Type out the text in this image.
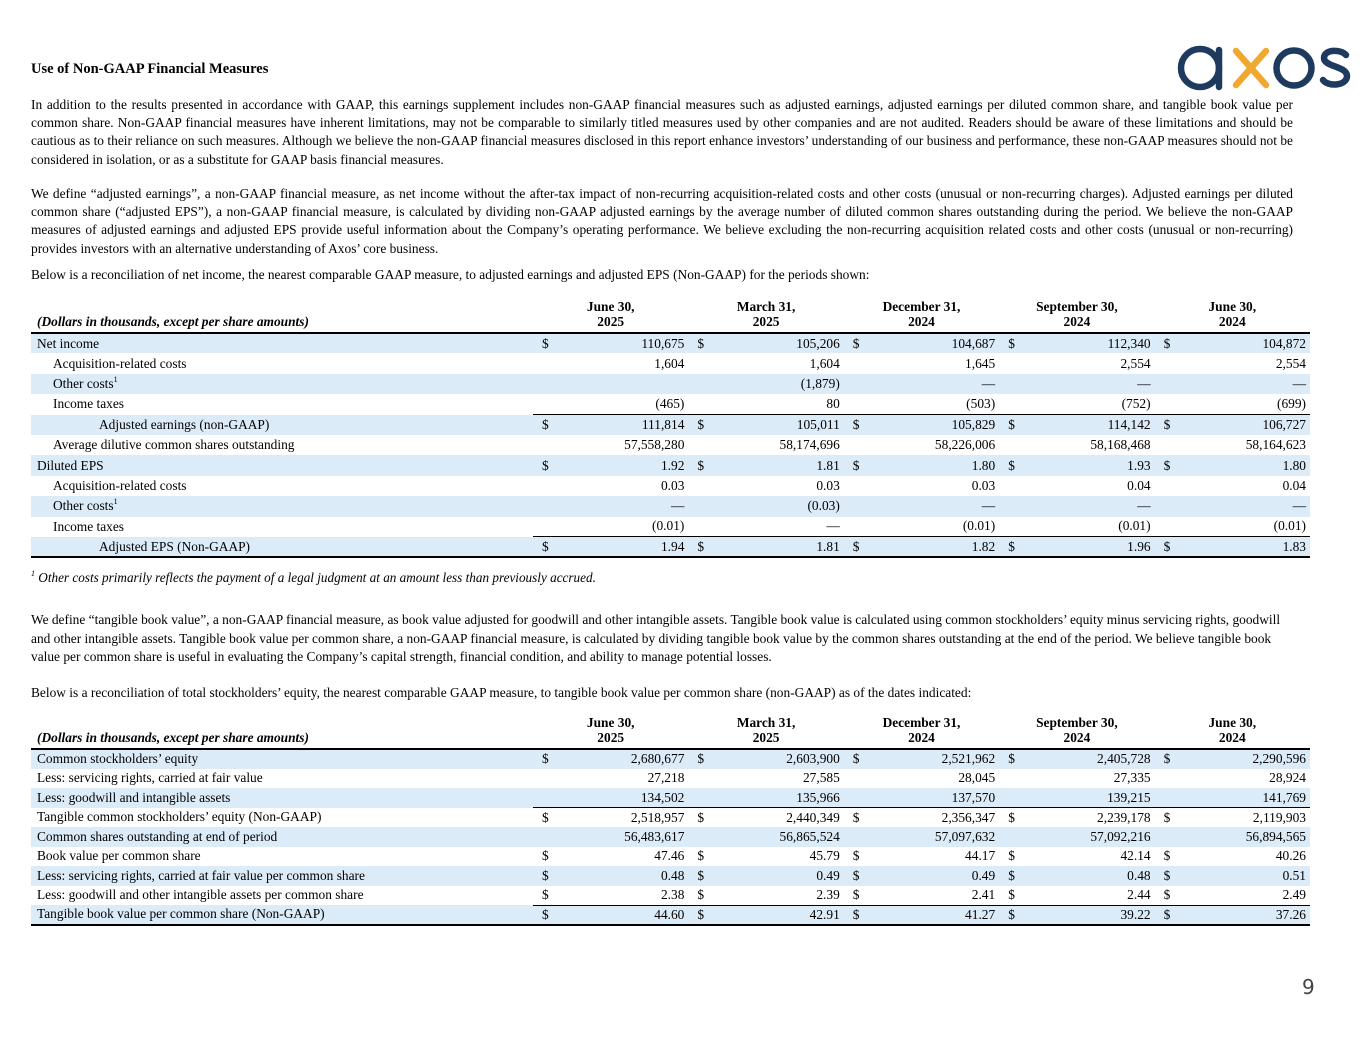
Use of Non-GAAP Financial Measures

In addition to the results presented in accordance with GAAP, this earnings supplement includes non-GAAP financial measures such as adjusted earnings, adjusted earnings per diluted common share, and tangible book value per common share. Non-GAAP financial measures have inherent limitations, may not be comparable to similarly titled measures used by other companies and are not audited. Readers should be aware of these limitations and should be cautious as to their reliance on such measures. Although we believe the non-GAAP financial measures disclosed in this report enhance investors’ understanding of our business and performance, these non-GAAP measures should not be considered in isolation, or as a substitute for GAAP basis financial measures.

We define “adjusted earnings”, a non-GAAP financial measure, as net income without the after-tax impact of non-recurring acquisition-related costs and other costs (unusual or non-recurring charges). Adjusted earnings per diluted common share (“adjusted EPS”), a non-GAAP financial measure, is calculated by dividing non-GAAP adjusted earnings by the average number of diluted common shares outstanding during the period. We believe the non-GAAP measures of adjusted earnings and adjusted EPS provide useful information about the Company’s operating performance. We believe excluding the non-recurring acquisition related costs and other costs (unusual or non-recurring) provides investors with an alternative understanding of Axos’ core business.

Below is a reconciliation of net income, the nearest comparable GAAP measure, to adjusted earnings and adjusted EPS (Non-GAAP) for the periods shown:

(Dollars in thousands, except per share amounts)	June 30,
2025		March 31,
2025		December 31,
2024		September 30,
2024		June 30,
2024	
Net income	$	110,675	$	105,206	$	104,687	$	112,340	$	104,872
Acquisition-related costs		1,604		1,604		1,645		2,554		2,554
Other costs$^1$				(1,879)		—		—		—
Income taxes		(465)		80		(503)		(752)		(699)
Adjusted earnings (non-GAAP)	$	111,814	$	105,011	$	105,829	$	114,142	$	106,727
Average dilutive common shares outstanding		57,558,280		58,174,696		58,226,006		58,168,468		58,164,623
Diluted EPS	$	1.92	$	1.81	$	1.80	$	1.93	$	1.80
Acquisition-related costs		0.03		0.03		0.03		0.04		0.04
Other costs$^1$		—		(0.03)		—		—		—
Income taxes		(0.01)		—		(0.01)		(0.01)		(0.01)
Adjusted EPS (Non-GAAP)	$	1.94	$	1.81	$	1.82	$	1.96	$	1.83
$^1$ Other costs primarily reflects the payment of a legal judgment at an amount less than previously accrued.

We define “tangible book value”, a non-GAAP financial measure, as book value adjusted for goodwill and other intangible assets. Tangible book value is calculated using common stockholders’ equity minus servicing rights, goodwill and other intangible assets. Tangible book value per common share, a non-GAAP financial measure, is calculated by dividing tangible book value by the common shares outstanding at the end of the period. We believe tangible book value per common share is useful in evaluating the Company’s capital strength, financial condition, and ability to manage potential losses.

Below is a reconciliation of total stockholders’ equity, the nearest comparable GAAP measure, to tangible book value per common share (non-GAAP) as of the dates indicated:

(Dollars in thousands, except per share amounts)	June 30,
2025		March 31,
2025		December 31,
2024		September 30,
2024		June 30,
2024	
Common stockholders’ equity	$	2,680,677	$	2,603,900	$	2,521,962	$	2,405,728	$	2,290,596
Less: servicing rights, carried at fair value		27,218		27,585		28,045		27,335		28,924
Less: goodwill and intangible assets		134,502		135,966		137,570		139,215		141,769
Tangible common stockholders’ equity (Non-GAAP)	$	2,518,957	$	2,440,349	$	2,356,347	$	2,239,178	$	2,119,903
Common shares outstanding at end of period		56,483,617		56,865,524		57,097,632		57,092,216		56,894,565
Book value per common share	$	47.46	$	45.79	$	44.17	$	42.14	$	40.26
Less: servicing rights, carried at fair value per common share	$	0.48	$	0.49	$	0.49	$	0.48	$	0.51
Less: goodwill and other intangible assets per common share	$	2.38	$	2.39	$	2.41	$	2.44	$	2.49
Tangible book value per common share (Non-GAAP)	$	44.60	$	42.91	$	41.27	$	39.22	$	37.26
9
